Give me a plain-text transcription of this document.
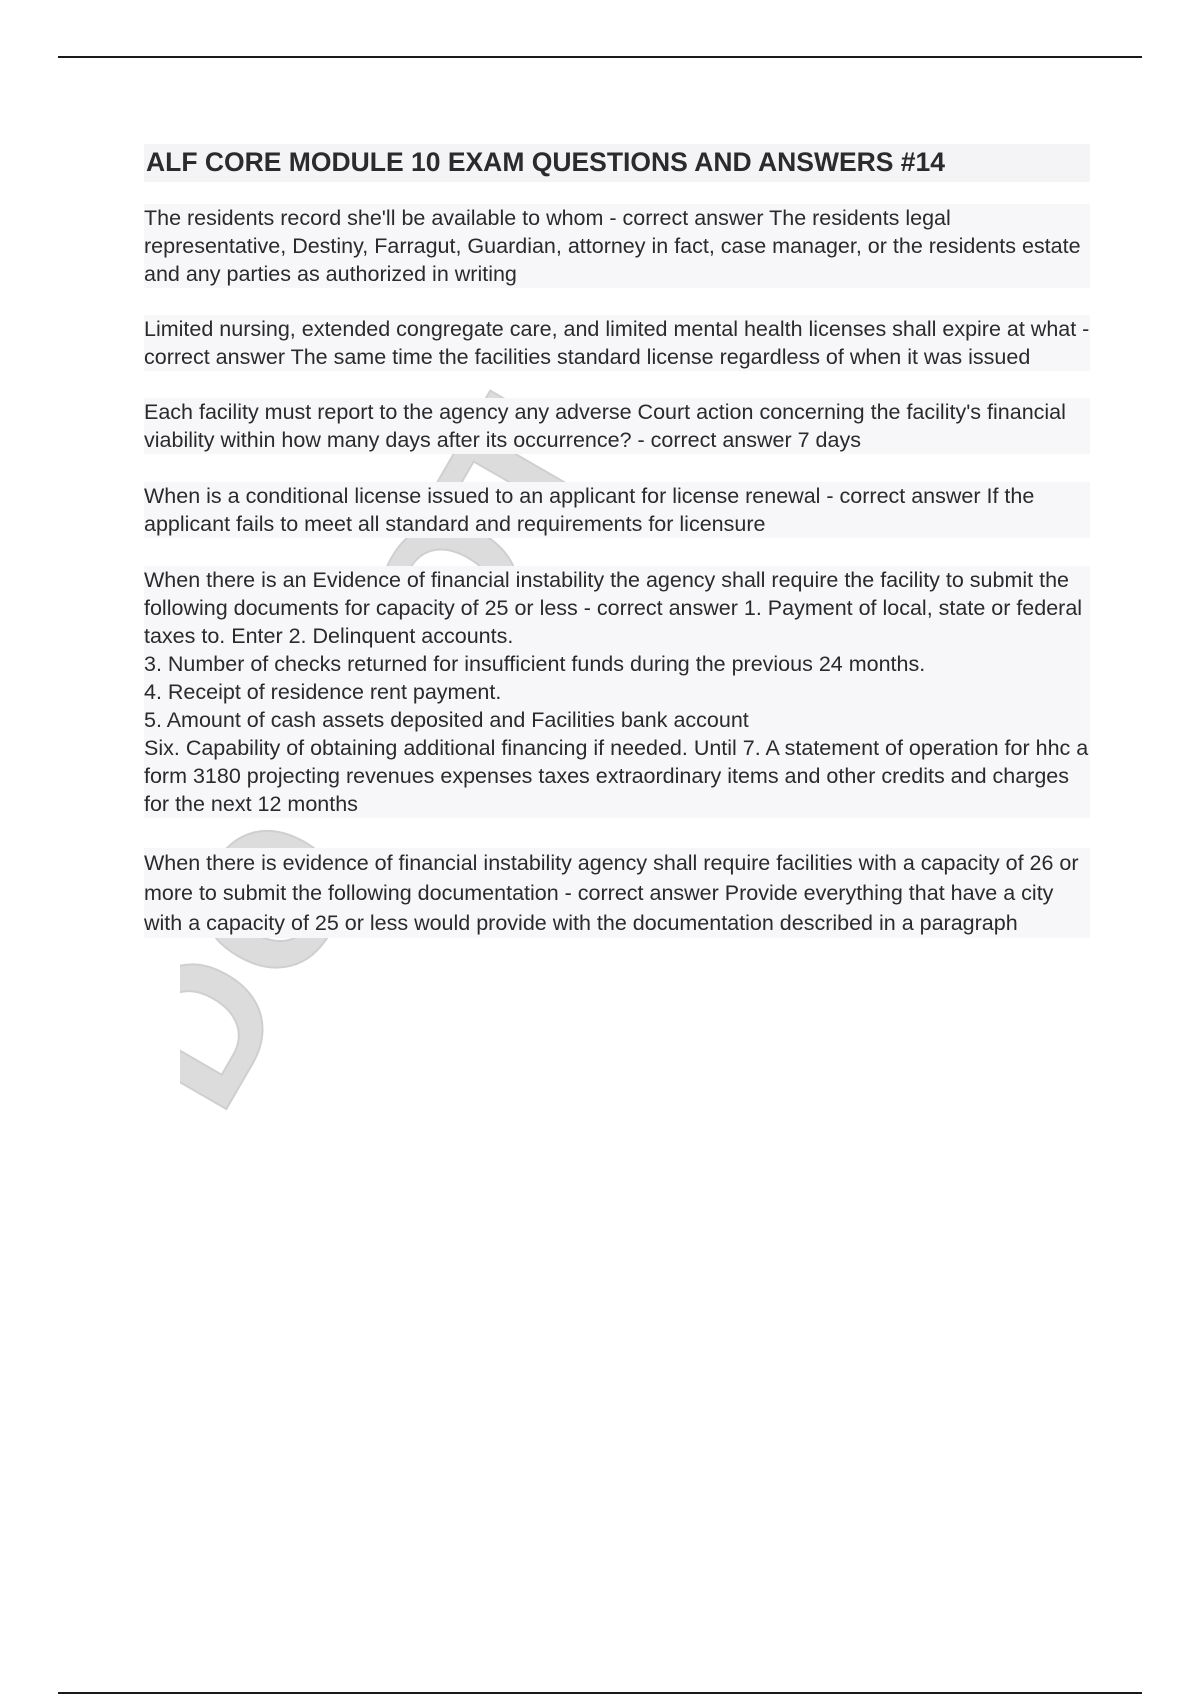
ALF CORE MODULE 10 EXAM QUESTIONS AND ANSWERS #14

The residents record she'll be available to whom - correct answer The residents legal representative, Destiny, Farragut, Guardian, attorney in fact, case manager, or the residents estate and any parties as authorized in writing

Limited nursing, extended congregate care, and limited mental health licenses shall expire at what - correct answer The same time the facilities standard license regardless of when it was issued

Each facility must report to the agency any adverse Court action concerning the facility's financial viability within how many days after its occurrence? - correct answer 7 days

When is a conditional license issued to an applicant for license renewal - correct answer If the applicant fails to meet all standard and requirements for licensure

When there is an Evidence of financial instability the agency shall require the facility to submit the following documents for capacity of 25 or less - correct answer 1. Payment of local, state or federal taxes to. Enter 2. Delinquent accounts.
3. Number of checks returned for insufficient funds during the previous 24 months.
4. Receipt of residence rent payment.
5. Amount of cash assets deposited and Facilities bank account
Six. Capability of obtaining additional financing if needed. Until 7. A statement of operation for hhc a form 3180 projecting revenues expenses taxes extraordinary items and other credits and charges for the next 12 months

When there is evidence of financial instability agency shall require facilities with a capacity of 26 or more to submit the following documentation - correct answer Provide everything that have a city with a capacity of 25 or less would provide with the documentation described in a paragraph
